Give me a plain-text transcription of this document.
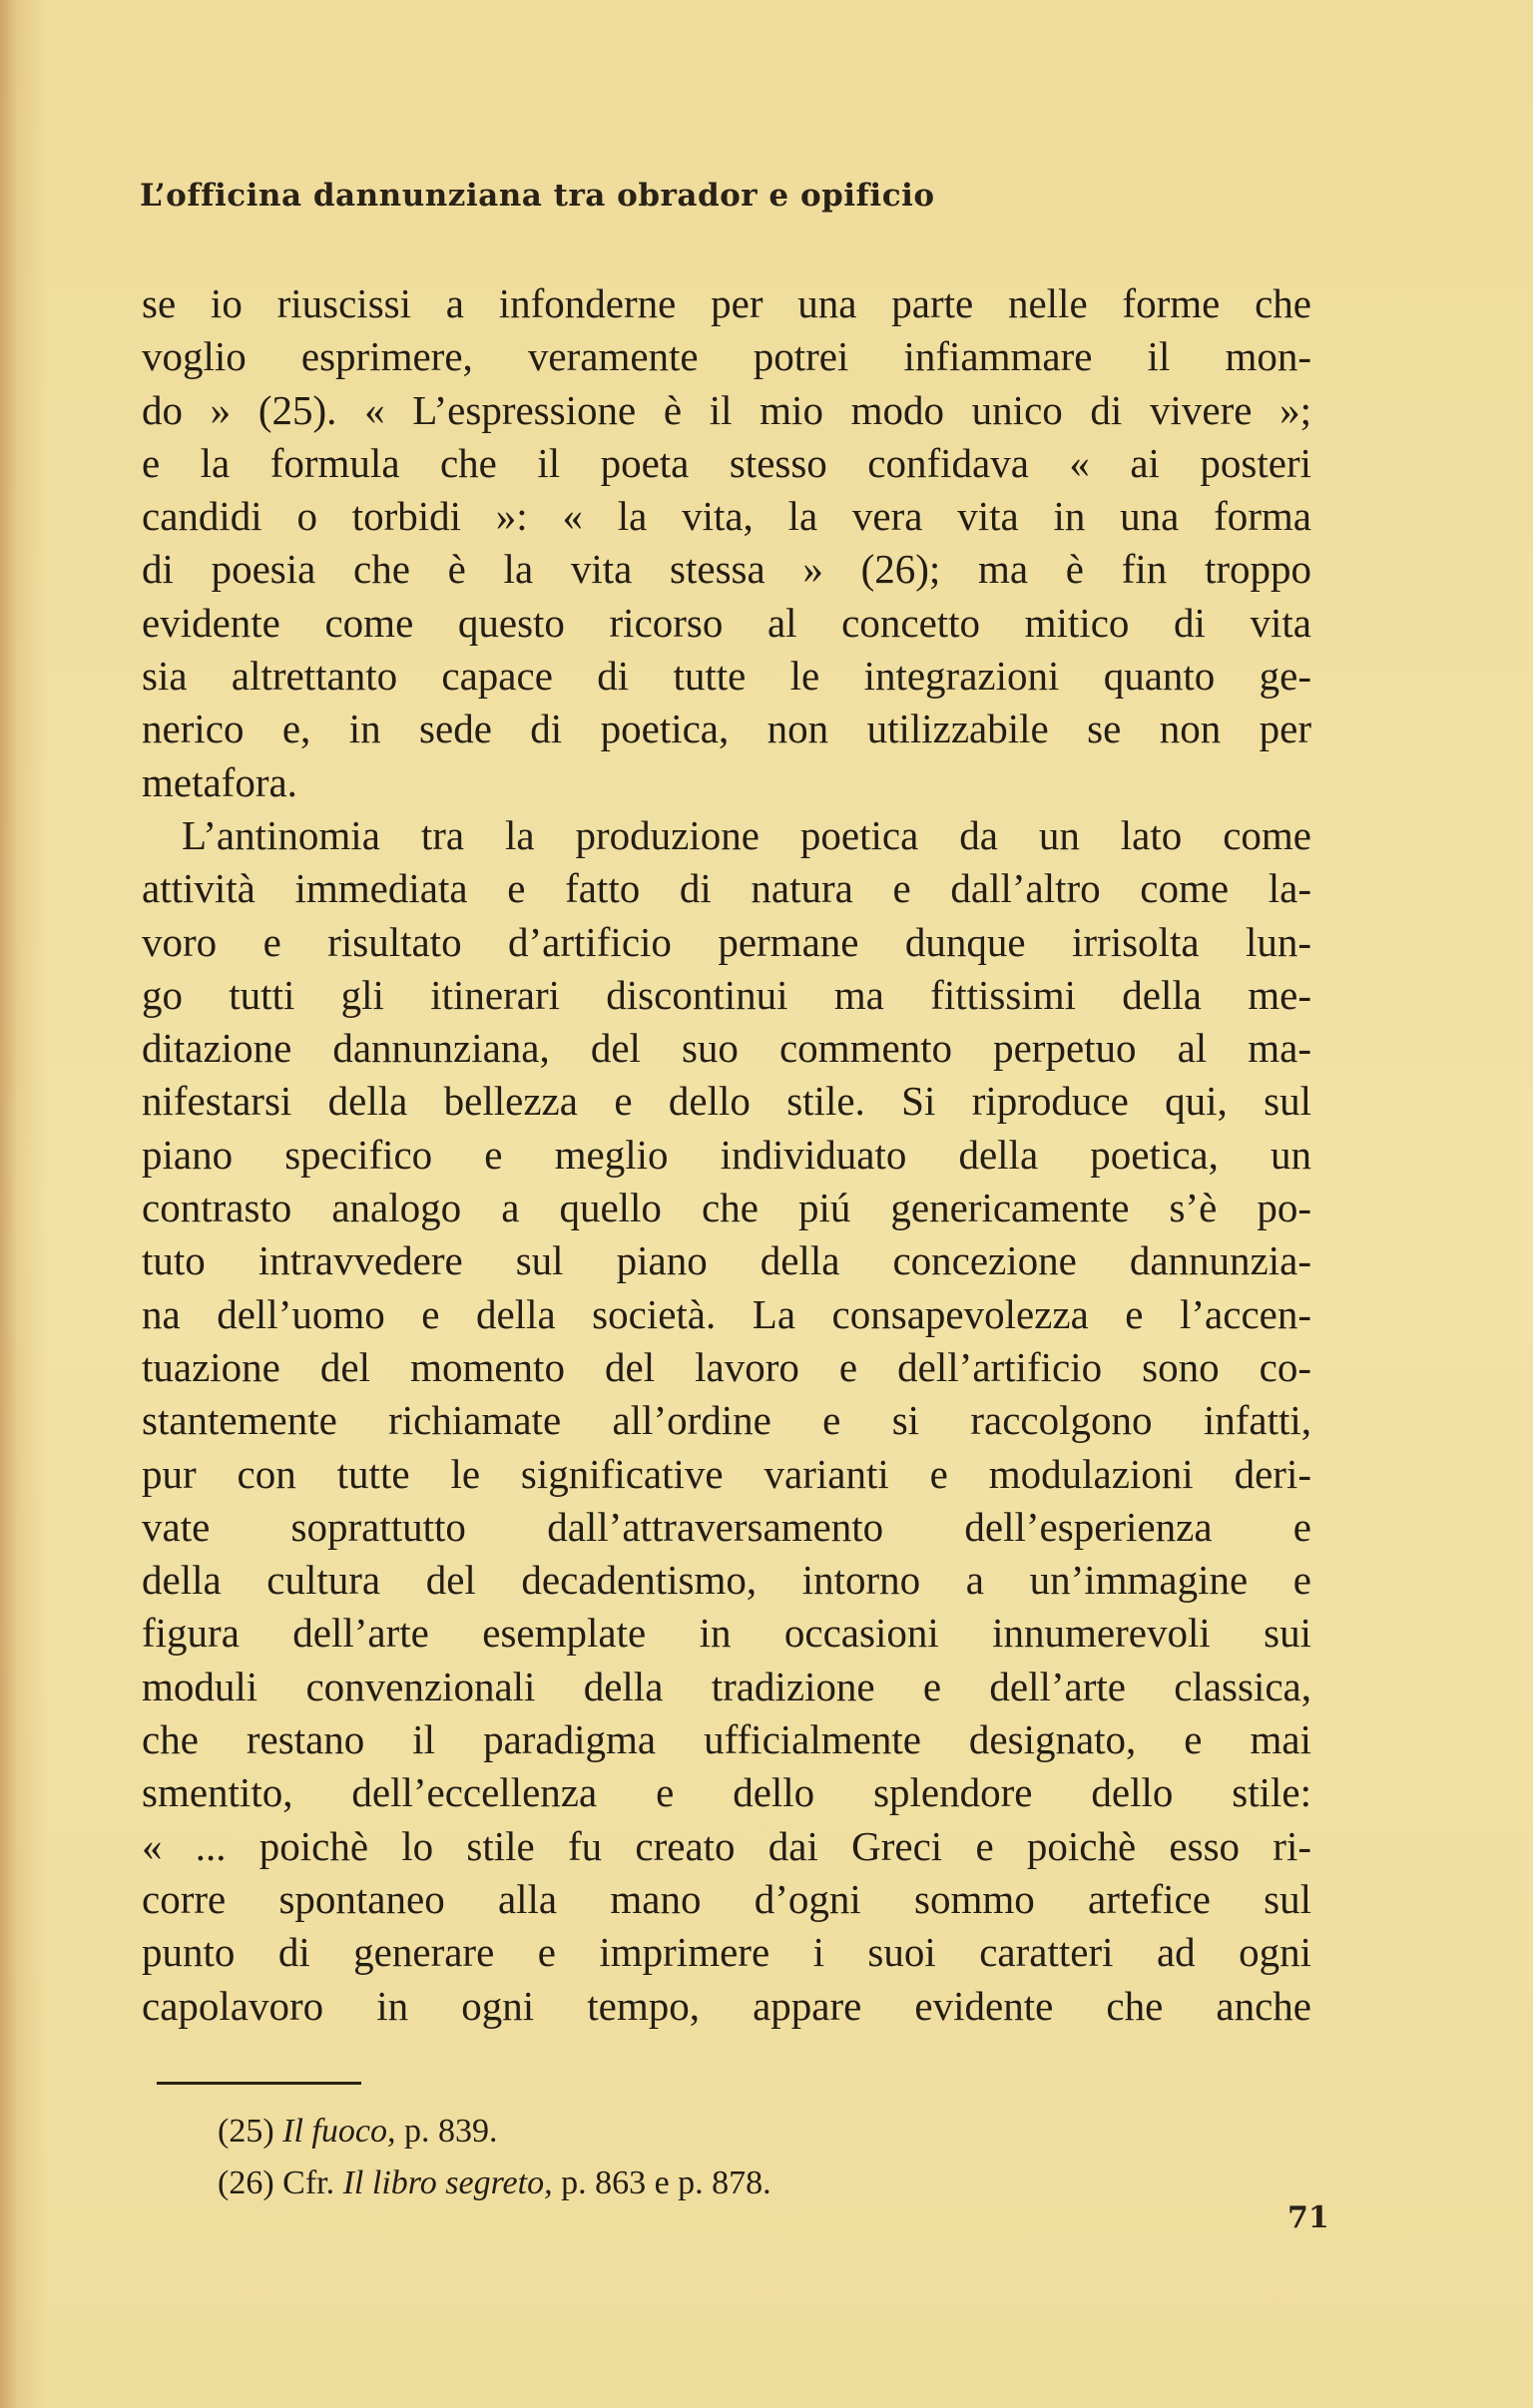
L’officina dannunziana tra obrador e opificio
se io riuscissi a infonderne per una parte nelle forme che
voglio esprimere, veramente potrei infiammare il mon-
do » (25). « L’espressione è il mio modo unico di vivere »;
e la formula che il poeta stesso confidava « ai posteri
candidi o torbidi »: « la vita, la vera vita in una forma
di poesia che è la vita stessa » (26); ma è fin troppo
evidente come questo ricorso al concetto mitico di vita
sia altrettanto capace di tutte le integrazioni quanto ge-
nerico e, in sede di poetica, non utilizzabile se non per
metafora.
L’antinomia tra la produzione poetica da un lato come
attività immediata e fatto di natura e dall’altro come la-
voro e risultato d’artificio permane dunque irrisolta lun-
go tutti gli itinerari discontinui ma fittissimi della me-
ditazione dannunziana, del suo commento perpetuo al ma-
nifestarsi della bellezza e dello stile. Si riproduce qui, sul
piano specifico e meglio individuato della poetica, un
contrasto analogo a quello che piú genericamente s’è po-
tuto intravvedere sul piano della concezione dannunzia-
na dell’uomo e della società. La consapevolezza e l’accen-
tuazione del momento del lavoro e dell’artificio sono co-
stantemente richiamate all’ordine e si raccolgono infatti,
pur con tutte le significative varianti e modulazioni deri-
vate soprattutto dall’attraversamento dell’esperienza e
della cultura del decadentismo, intorno a un’immagine e
figura dell’arte esemplate in occasioni innumerevoli sui
moduli convenzionali della tradizione e dell’arte classica,
che restano il paradigma ufficialmente designato, e mai
smentito, dell’eccellenza e dello splendore dello stile:
« ... poichè lo stile fu creato dai Greci e poichè esso ri-
corre spontaneo alla mano d’ogni sommo artefice sul
punto di generare e imprimere i suoi caratteri ad ogni
capolavoro in ogni tempo, appare evidente che anche
(25) Il fuoco, p. 839.
(26) Cfr. Il libro segreto, p. 863 e p. 878.
71
